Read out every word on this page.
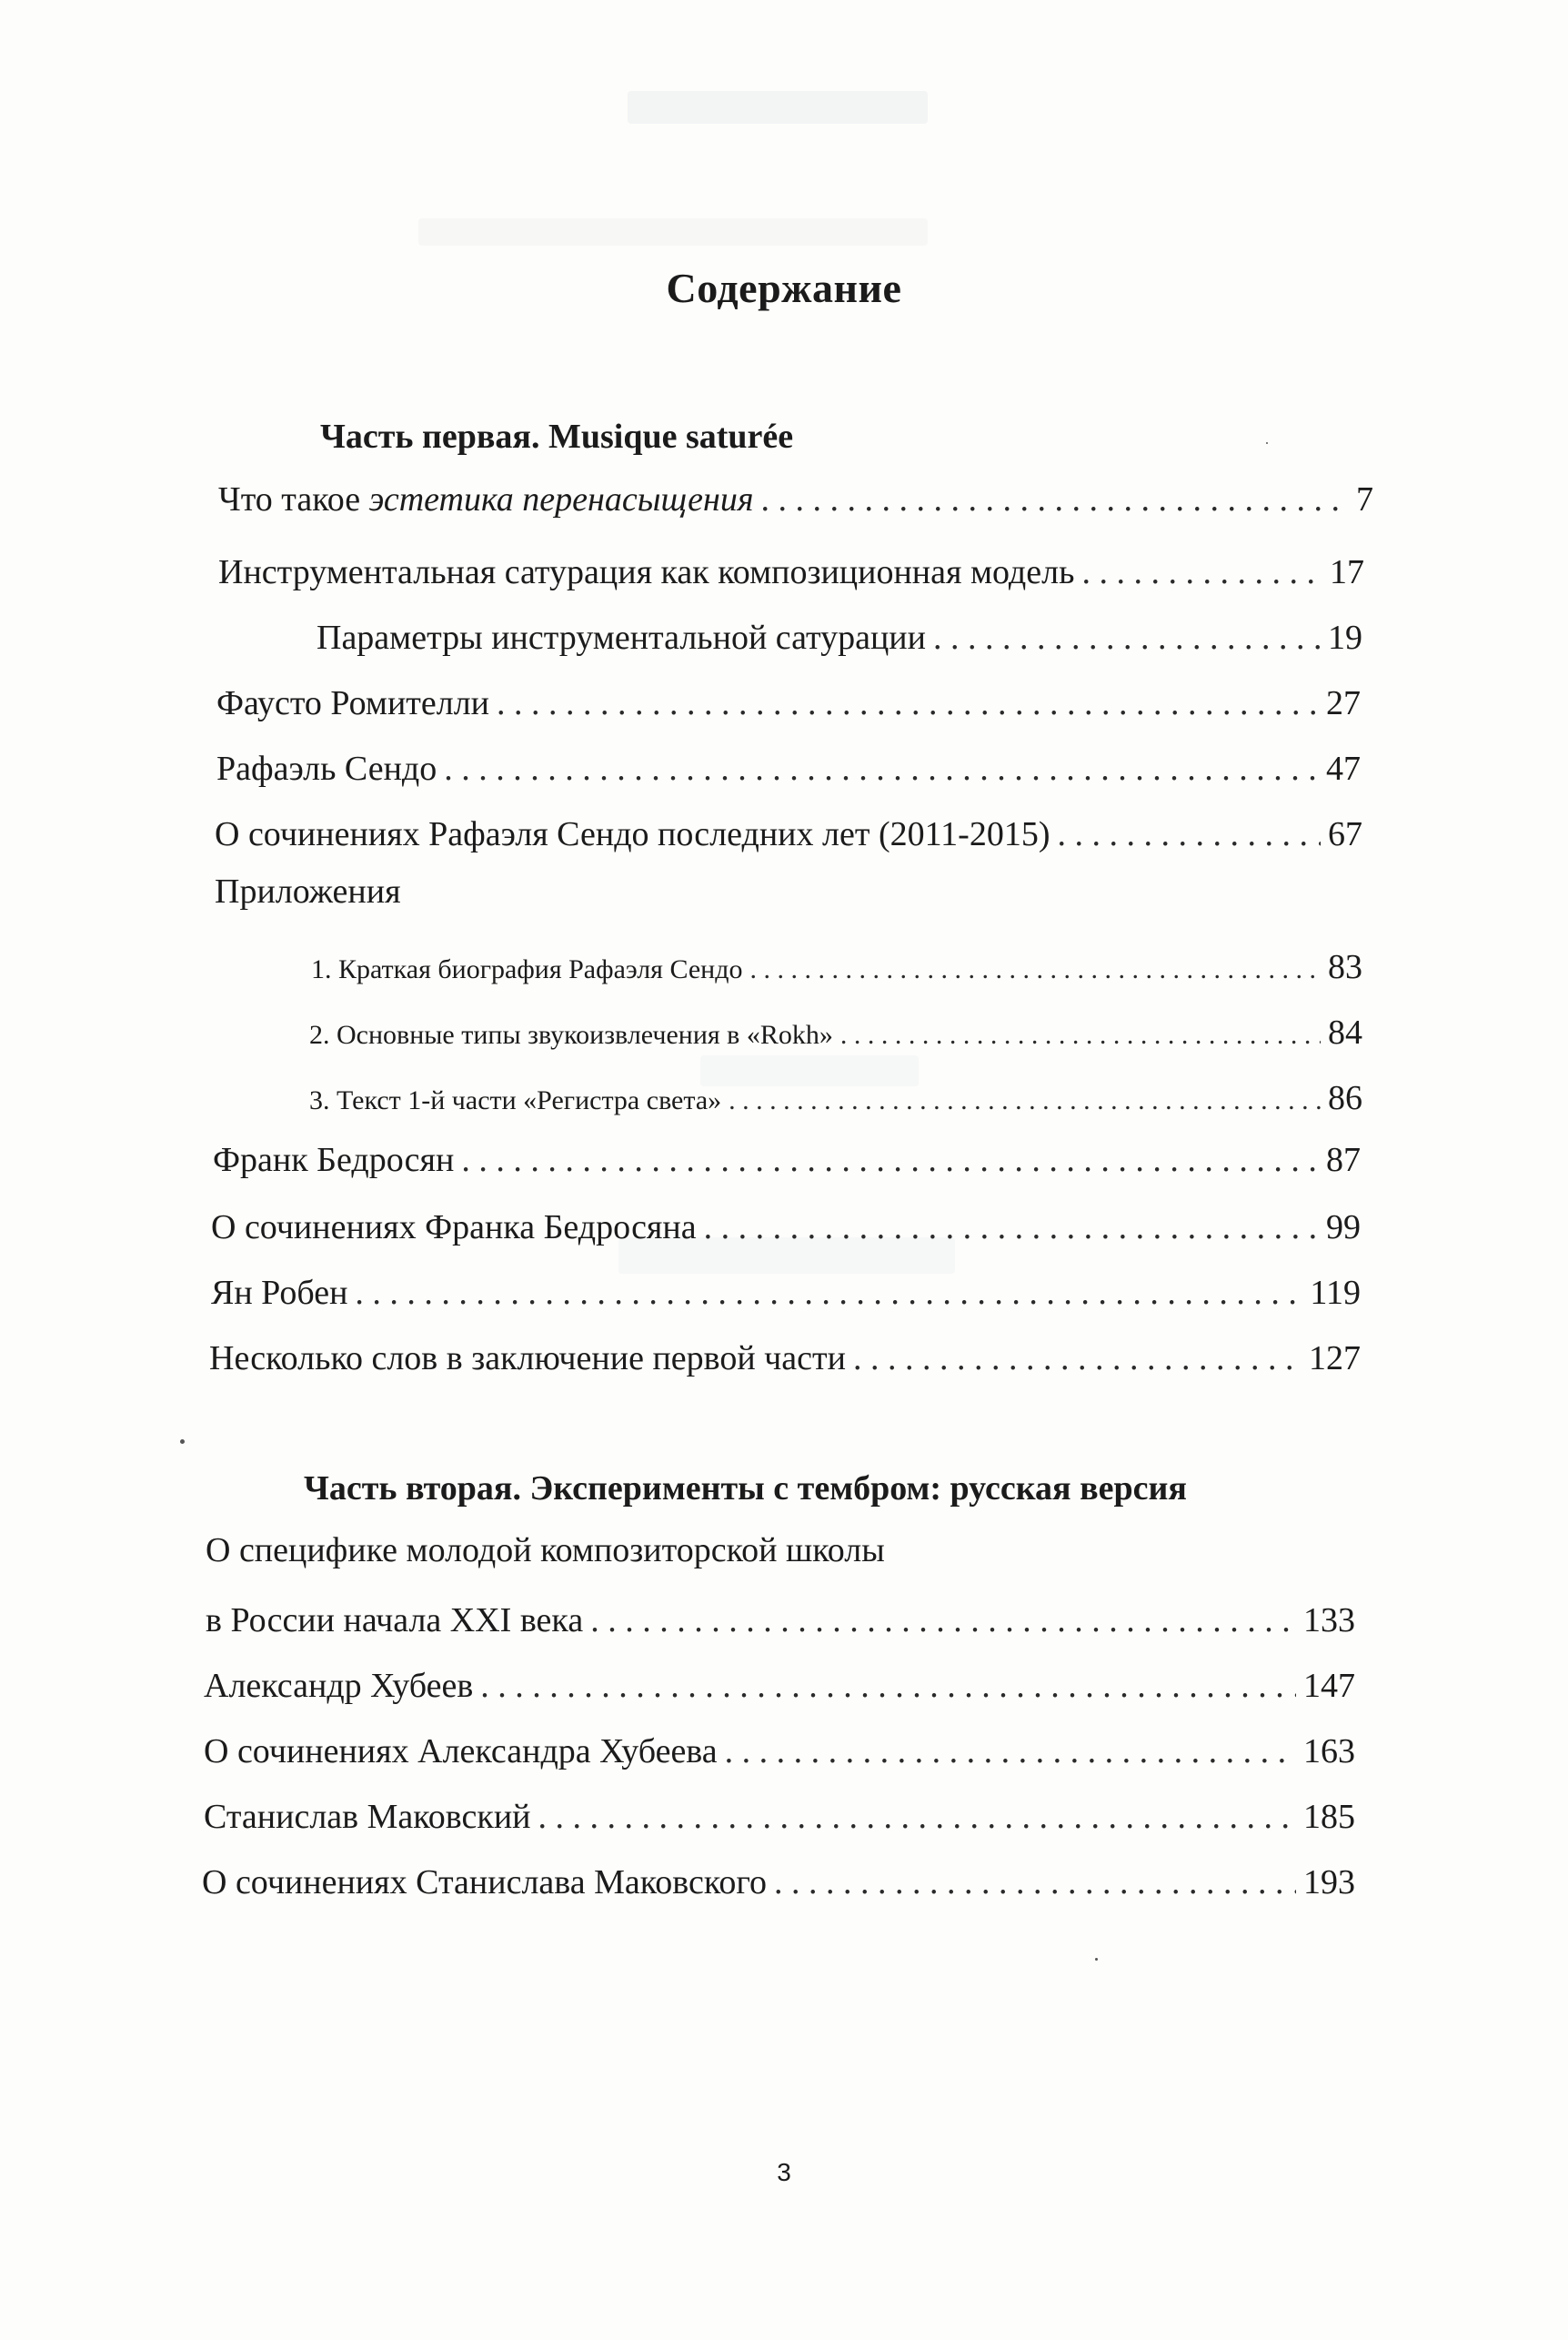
Содержание
Часть первая. Musique saturée
Что такое эстетика перенасыщения . . .	7
Инструментальная сатурация как композиционная модель . . .	17
Параметры инструментальной сатурации . . .	19
Фаусто Ромителли . . .	27
Рафаэль Сендо . . .	47
О сочинениях Рафаэля Сендо последних лет (2011-2015) . . .	67
Приложения
1. Краткая биография Рафаэля Сендо . . .	83
2. Основные типы звукоизвлечения в «Rokh» . . .	84
3. Текст 1-й части «Регистра света» . . .	86
Франк Бедросян . . .	87
О сочинениях Франка Бедросяна . . .	99
Ян Робен . . .	119
Несколько слов в заключение первой части . . .	127
Часть вторая. Эксперименты с тембром: русская версия
О специфике молодой композиторской школы
в России начала XXI века . . .	133
Александр Хубеев . . .	147
О сочинениях Александра Хубеева . . .	163
Станислав Маковский . . .	185
О сочинениях Станислава Маковского . . .	193
3
